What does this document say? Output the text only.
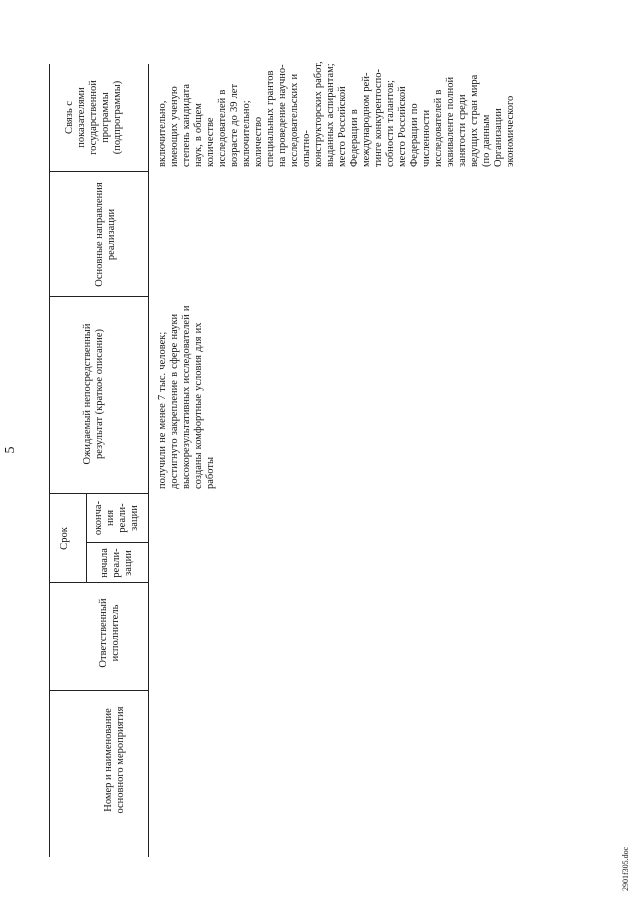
5
Номер и наименование основного мероприятия
Ответственный исполнитель
Срок
начала реали-зации
оконча-ния реали-зации
Ожидаемый непосредственный результат (краткое описание)
Основные направления реализации
Связь с показателями государственной программы (подпрограммы)
получили не менее 7 тыс. человек; достигнуто закрепление в сфере науки высокорезультативных исследователей и созданы комфортные условия для их работы
включительно, имеющих ученую степень кандидата наук, в общем количестве исследователей в возрасте до 39 лет включительно; количество специальных грантов на проведение научно-исследовательских и опытно-конструкторских работ, выданных аспирантам; место Российской Федерации в международном рей-тинге конкурентоспо-собности талантов; место Российской Федерации по численности исследователей в эквиваленте полной занятости среди ведущих стран мира (по данным Организации экономического
2901f305.doc
